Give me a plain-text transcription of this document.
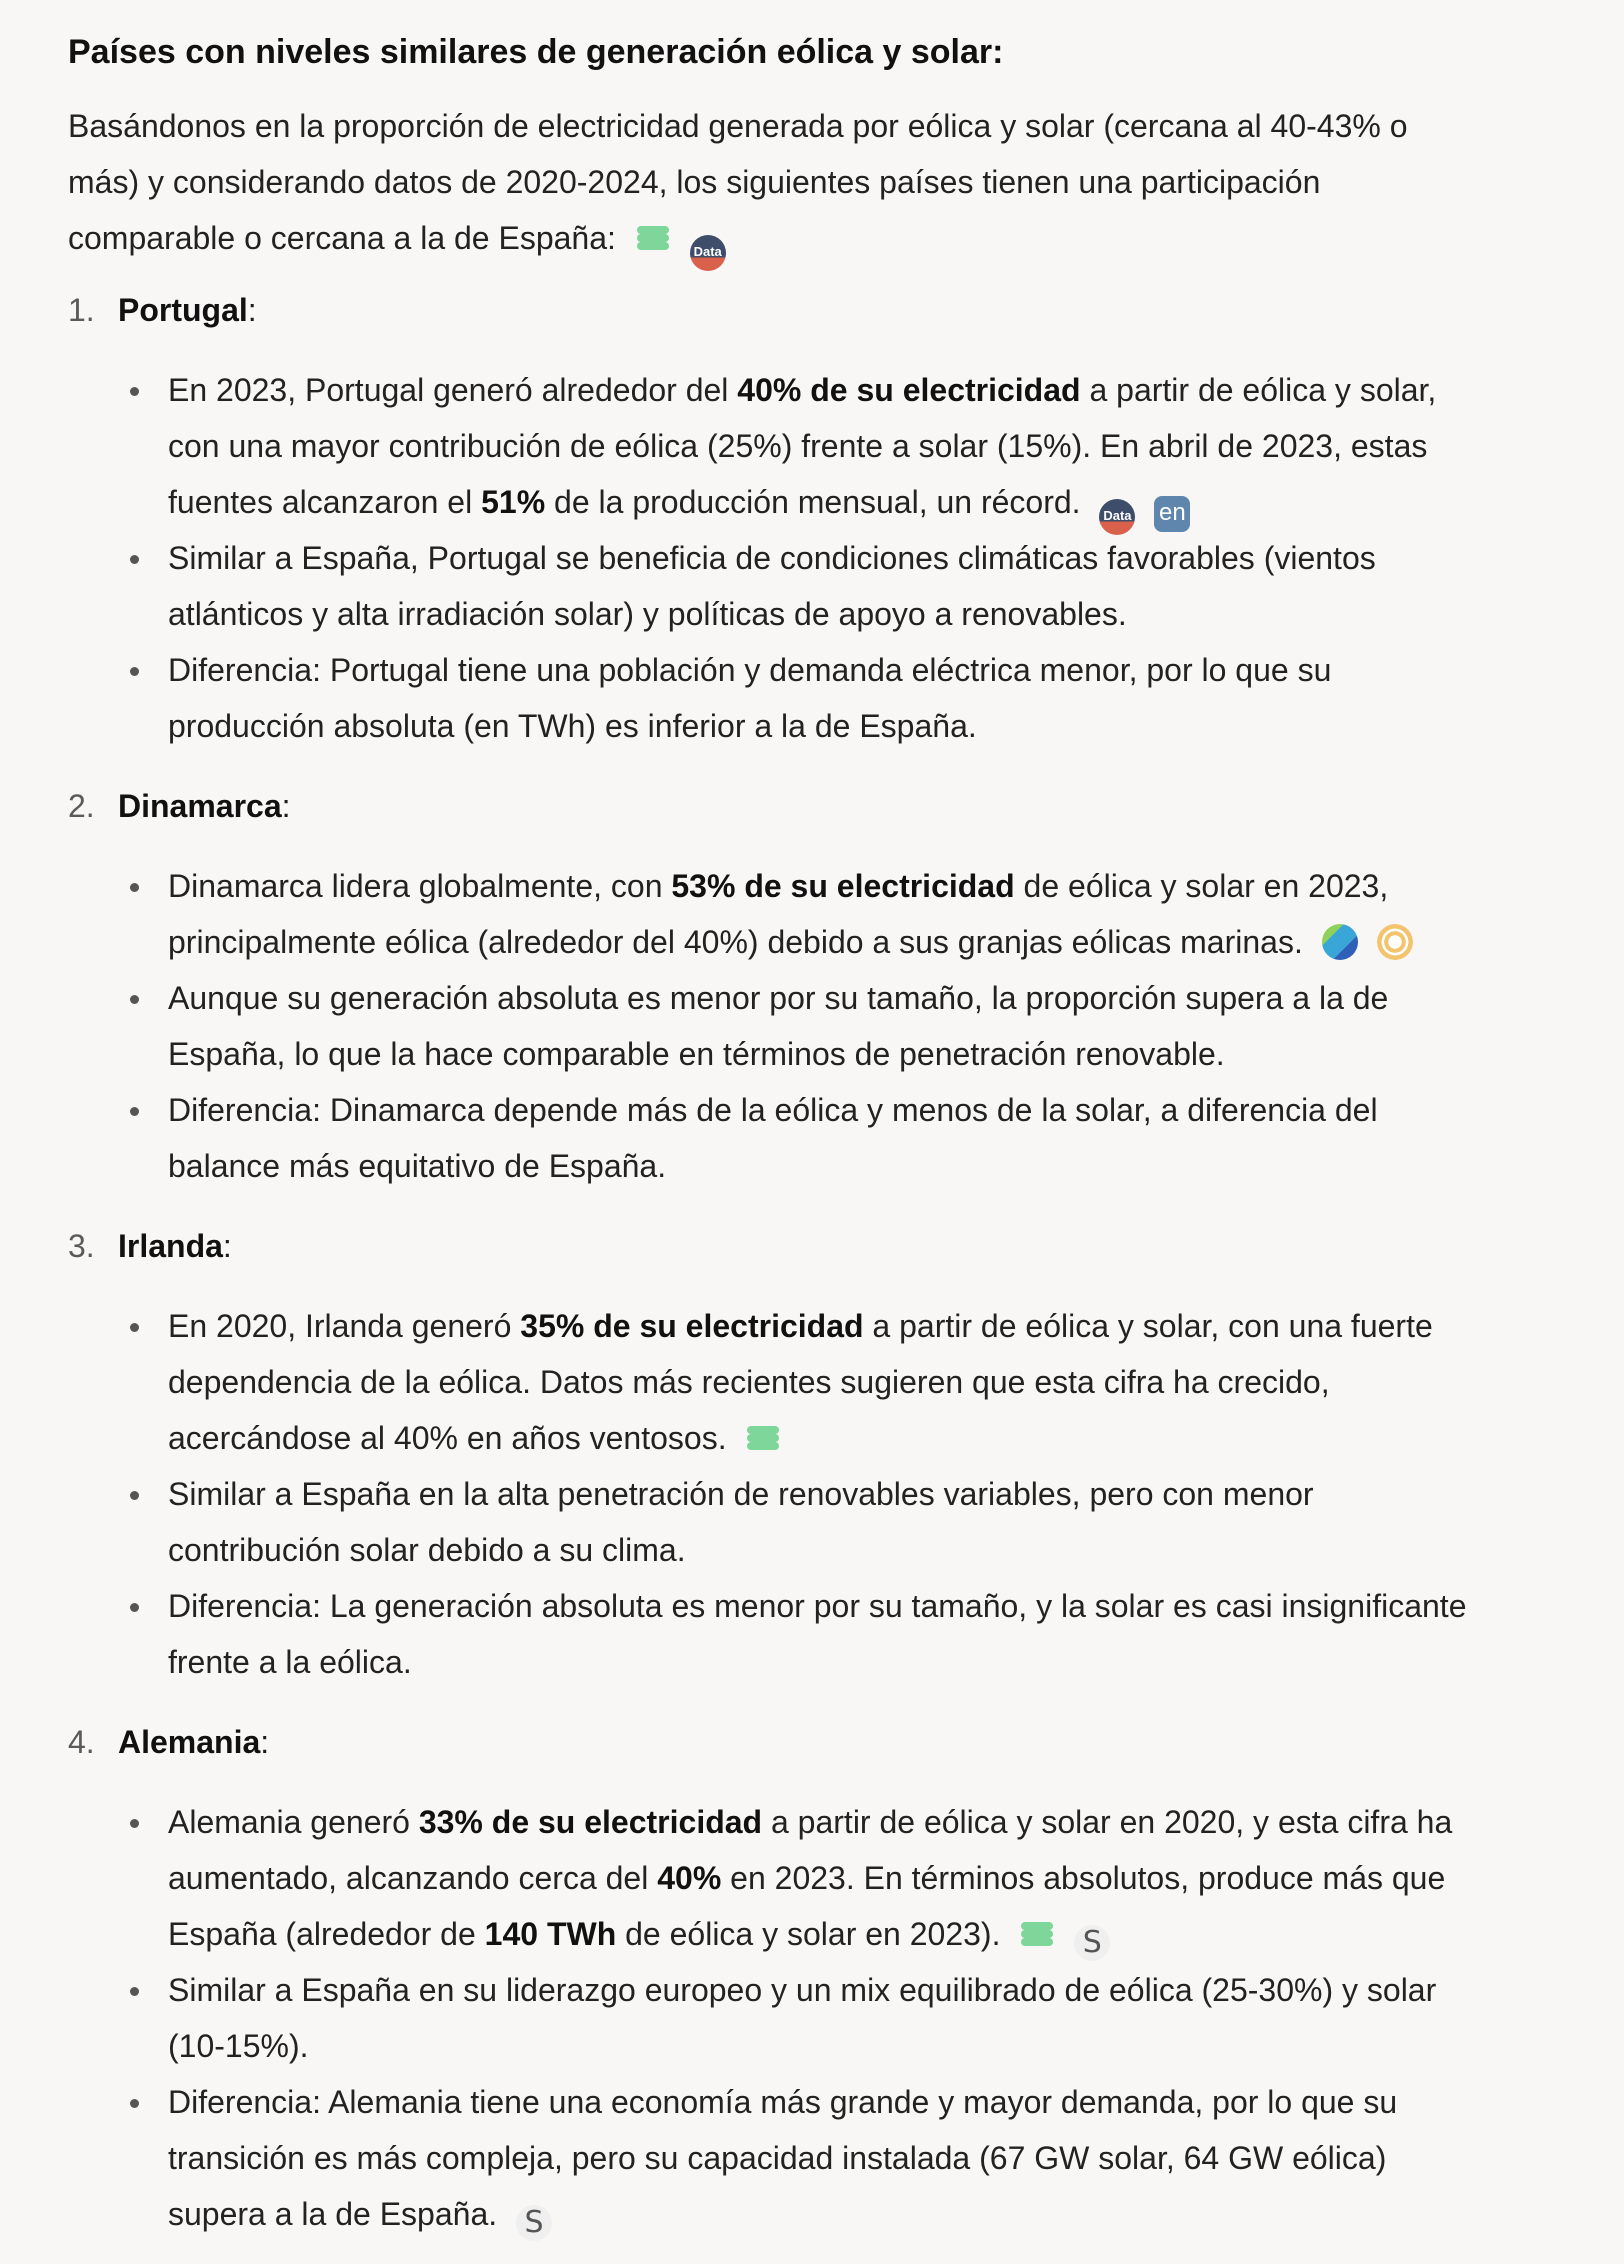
Países con niveles similares de generación eólica y solar:
Basándonos en la proporción de electricidad generada por eólica y solar (cercana al 40-43% o
más) y considerando datos de 2020-2024, los siguientes países tienen una participación
comparable o cercana a la de España:	Data
1. Portugal:
En 2023, Portugal generó alrededor del 40% de su electricidad a partir de eólica y solar,
con una mayor contribución de eólica (25%) frente a solar (15%). En abril de 2023, estas
fuentes alcanzaron el 51% de la producción mensual, un récord. Data en
Similar a España, Portugal se beneficia de condiciones climáticas favorables (vientos
atlánticos y alta irradiación solar) y políticas de apoyo a renovables.
Diferencia: Portugal tiene una población y demanda eléctrica menor, por lo que su
producción absoluta (en TWh) es inferior a la de España.
2. Dinamarca:
Dinamarca lidera globalmente, con 53% de su electricidad de eólica y solar en 2023,
principalmente eólica (alrededor del 40%) debido a sus granjas eólicas marinas.
Aunque su generación absoluta es menor por su tamaño, la proporción supera a la de
España, lo que la hace comparable en términos de penetración renovable.
Diferencia: Dinamarca depende más de la eólica y menos de la solar, a diferencia del
balance más equitativo de España.
3. Irlanda:
En 2020, Irlanda generó 35% de su electricidad a partir de eólica y solar, con una fuerte
dependencia de la eólica. Datos más recientes sugieren que esta cifra ha crecido,
acercándose al 40% en años ventosos.
Similar a España en la alta penetración de renovables variables, pero con menor
contribución solar debido a su clima.
Diferencia: La generación absoluta es menor por su tamaño, y la solar es casi insignificante
frente a la eólica.
4. Alemania:
Alemania generó 33% de su electricidad a partir de eólica y solar en 2020, y esta cifra ha
aumentado, alcanzando cerca del 40% en 2023. En términos absolutos, produce más que
España (alrededor de 140 TWh de eólica y solar en 2023).	S
Similar a España en su liderazgo europeo y un mix equilibrado de eólica (25-30%) y solar
(10-15%).
Diferencia: Alemania tiene una economía más grande y mayor demanda, por lo que su
transición es más compleja, pero su capacidad instalada (67 GW solar, 64 GW eólica)
supera a la de España. S
